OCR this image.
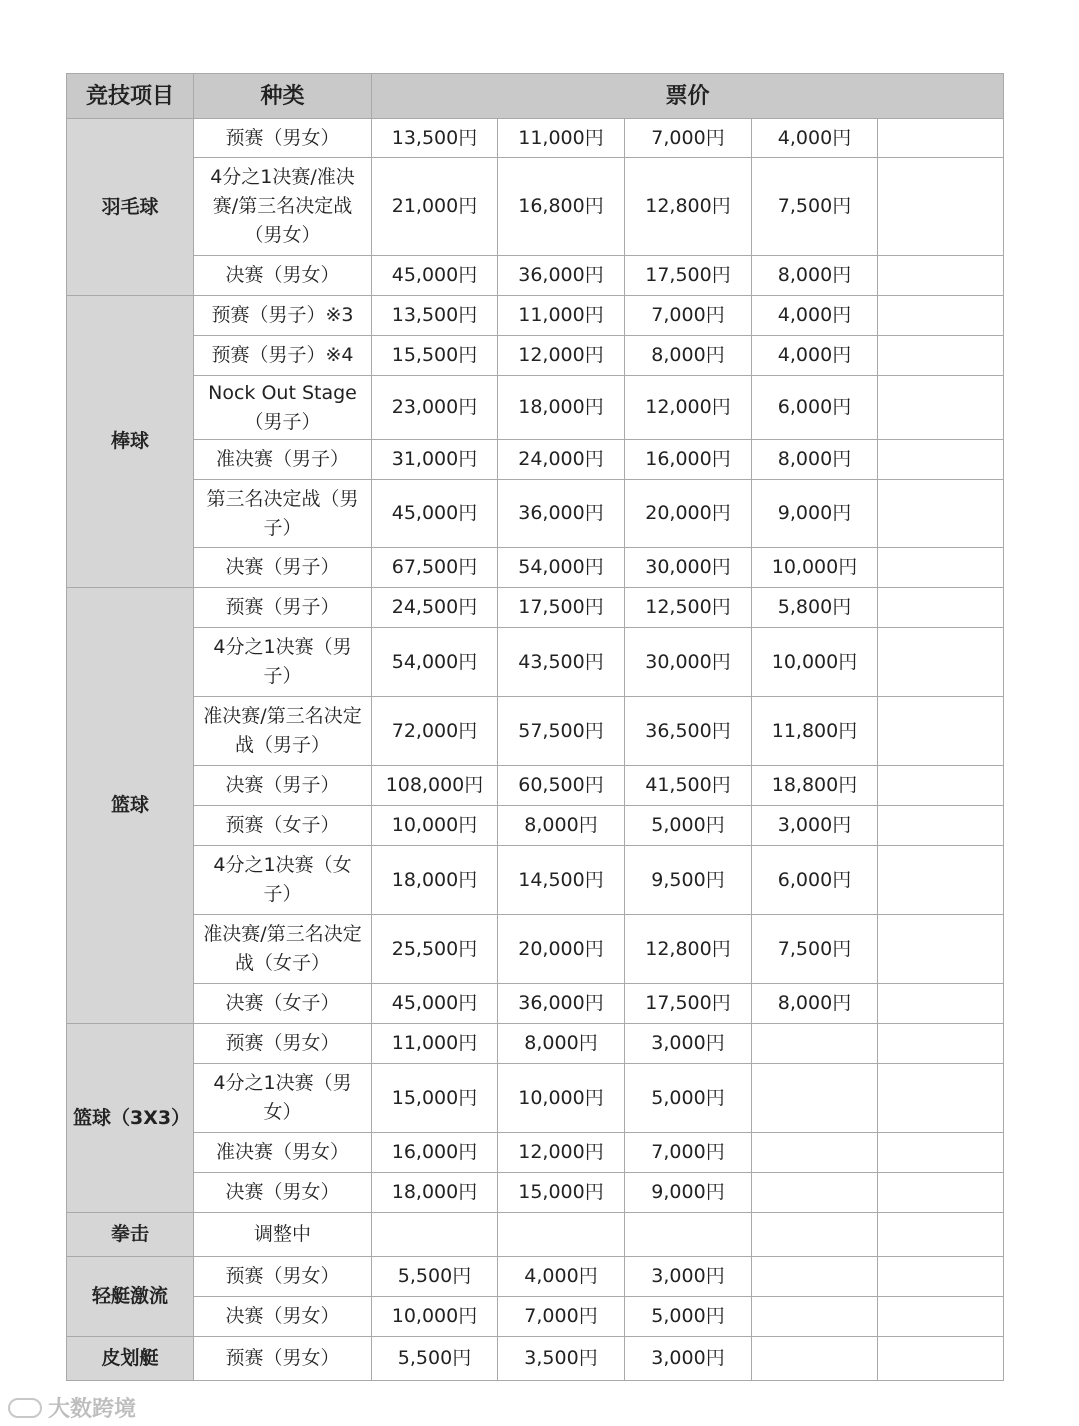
竞技项目	种类	票价				
羽毛球	预赛（男女）	13,500円	11,000円	7,000円	4,000円	
	4分之1决赛/准决赛/第三名决定战（男女）	21,000円	16,800円	12,800円	7,500円	
	决赛（男女）	45,000円	36,000円	17,500円	8,000円	
棒球	预赛（男子）※3	13,500円	11,000円	7,000円	4,000円	
	预赛（男子）※4	15,500円	12,000円	8,000円	4,000円	
	Nock Out Stage（男子）	23,000円	18,000円	12,000円	6,000円	
	准决赛（男子）	31,000円	24,000円	16,000円	8,000円	
	第三名决定战（男子）	45,000円	36,000円	20,000円	9,000円	
	决赛（男子）	67,500円	54,000円	30,000円	10,000円	
篮球	预赛（男子）	24,500円	17,500円	12,500円	5,800円	
	4分之1决赛（男子）	54,000円	43,500円	30,000円	10,000円	
	准决赛/第三名决定战（男子）	72,000円	57,500円	36,500円	11,800円	
	决赛（男子）	108,000円	60,500円	41,500円	18,800円	
	预赛（女子）	10,000円	8,000円	5,000円	3,000円	
	4分之1决赛（女子）	18,000円	14,500円	9,500円	6,000円	
	准决赛/第三名决定战（女子）	25,500円	20,000円	12,800円	7,500円	
	决赛（女子）	45,000円	36,000円	17,500円	8,000円	
篮球（3X3）	预赛（男女）	11,000円	8,000円	3,000円		
	4分之1决赛（男女）	15,000円	10,000円	5,000円		
	准决赛（男女）	16,000円	12,000円	7,000円		
	决赛（男女）	18,000円	15,000円	9,000円		
拳击	调整中					
轻艇激流	预赛（男女）	5,500円	4,000円	3,000円		
	决赛（男女）	10,000円	7,000円	5,000円		
皮划艇	预赛（男女）	5,500円	3,500円	3,000円		
大数跨境
